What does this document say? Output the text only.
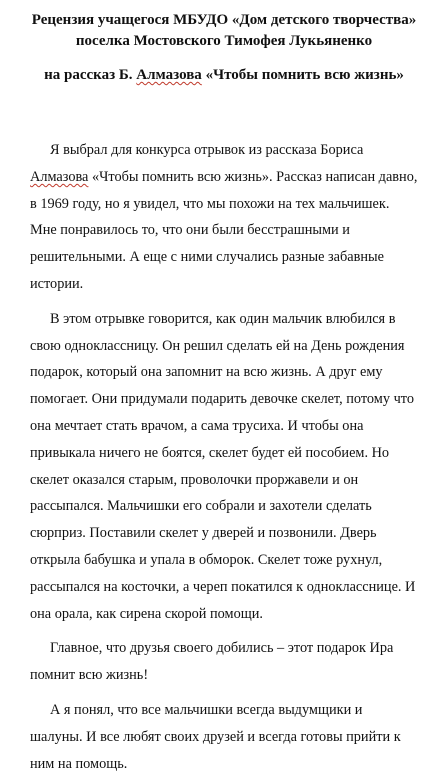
Рецензия учащегося МБУДО «Дом детского творчества»

поселка Мостовского Тимофея Лукьяненко

на рассказ Б. Алмазова «Чтобы помнить всю жизнь»

Я выбрал для конкурса отрывок из рассказа Бориса Алмазова «Чтобы помнить всю жизнь». Рассказ написан давно, в 1969 году, но я увидел, что мы похожи на тех мальчишек. Мне понравилось то, что они были бесстрашными и решительными. А еще с ними случались разные забавные истории.

В этом отрывке говорится, как один мальчик влюбился в свою одноклассницу. Он решил сделать ей на День рождения подарок, который она запомнит на всю жизнь. А друг ему помогает. Они придумали подарить девочке скелет, потому что она мечтает стать врачом, а сама трусиха. И чтобы она привыкала ничего не боятся, скелет будет ей пособием. Но скелет оказался старым, проволочки проржавели и он рассыпался. Мальчишки его собрали и захотели сделать сюрприз. Поставили скелет у дверей и позвонили. Дверь открыла бабушка и упала в обморок. Скелет тоже рухнул, рассыпался на косточки, а череп покатился к однокласснице. И она орала, как сирена скорой помощи.

Главное, что друзья своего добились – этот подарок Ира помнит всю жизнь!

А я понял, что все мальчишки всегда выдумщики и шалуны. И все любят своих друзей и всегда готовы прийти к ним на помощь.
